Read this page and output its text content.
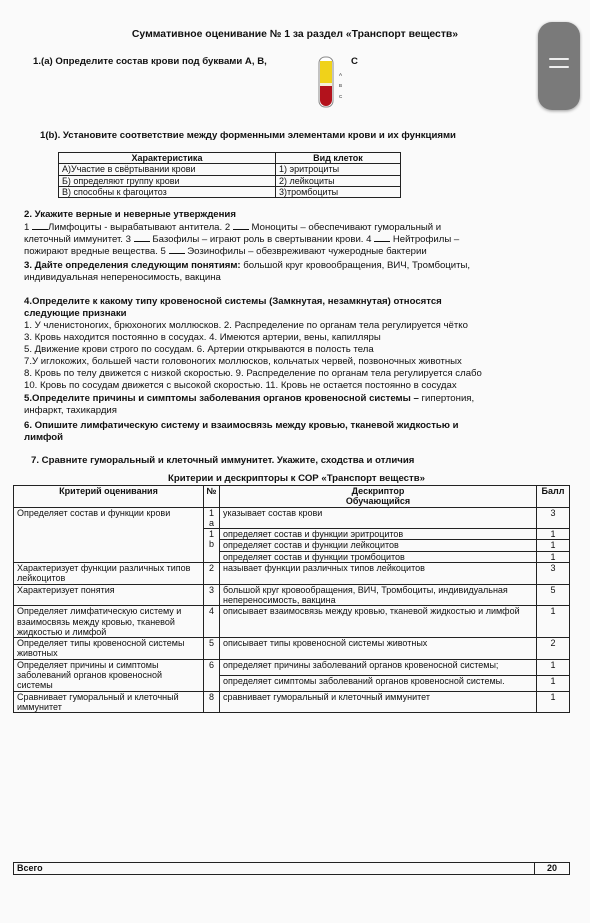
Суммативное оценивание № 1 за раздел «Транспорт веществ»
1.(а) Определите состав крови под буквами А, В,	С
A
B
C
1(b). Установите соответствие между форменными элементами крови и их функциями
Характеристика	Вид клеток
А)Участие в свёртывании крови	1) эритроциты
Б) определяют группу крови	2) лейкоциты
В) способны к фагоцитоз	3)тромбоциты
2. Укажите верные и неверные утверждения
1 Лимфоциты - вырабатывают антитела. 2 Моноциты – обеспечивают гуморальный и
клеточный иммунитет. 3 Базофилы – играют роль в свертывании крови. 4 Нейтрофилы –
пожирают вредные вещества. 5 Эозинофилы – обезвреживают чужеродные бактерии
3. Дайте определения следующим понятиям: большой круг кровообращения, ВИЧ, Тромбоциты,
индивидуальная непереносимость, вакцина
4.Определите к какому типу кровеносной системы (Замкнутая, незамкнутая) относятся
следующие признаки
1. У членистоногих, брюхоногих моллюсков. 2. Распределение по органам тела регулируется чётко
3. Кровь находится постоянно в сосудах. 4. Имеются артерии, вены, капилляры
5. Движение крови строго по сосудам. 6. Артерии открываются в полость тела
7.У иглокожих, большей части головоногих моллюсков, кольчатых червей, позвоночных животных
8. Кровь по телу движется с низкой скоростью. 9. Распределение по органам тела регулируется слабо
10. Кровь по сосудам движется с высокой скоростью. 11. Кровь не остается постоянно в сосудах
5.Определите причины и симптомы заболевания органов кровеносной системы – гипертония,
инфаркт, тахикардия
6. Опишите лимфатическую систему и взаимосвязь между кровью, тканевой жидкостью и
лимфой
7. Сравните гуморальный и клеточный иммунитет. Укажите, сходства и отличия
Критерии и дескрипторы к СОР «Транспорт веществ»
Критерий оценивания	№	Дескриптор
Обучающийся	Балл
Определяет состав и функции крови	1 а	указывает состав крови	3
	1 b	определяет состав и функции эритроцитов	1
		определяет состав и функции лейкоцитов	1
		определяет состав и функции тромбоцитов	1
Характеризует функции различных типов лейкоцитов	2	называет функции различных типов лейкоцитов	3
Характеризует понятия	3	большой круг кровообращения, ВИЧ, Тромбоциты, индивидуальная непереносимость, вакцина	5
Определяет лимфатическую систему и взаимосвязь между кровью, тканевой жидкостью и лимфой	4	описывает взаимосвязь между кровью, тканевой жидкостью и лимфой	1
Определяет типы кровеносной системы животных	5	описывает типы кровеносной системы животных	2
Определяет причины и симптомы заболеваний органов кровеносной системы	6	определяет причины заболеваний органов кровеносной системы;	1
		определяет симптомы заболеваний органов кровеносной системы.	1
Сравнивает гуморальный и клеточный иммунитет	8	сравнивает гуморальный и клеточный иммунитет	1
Всего	20
